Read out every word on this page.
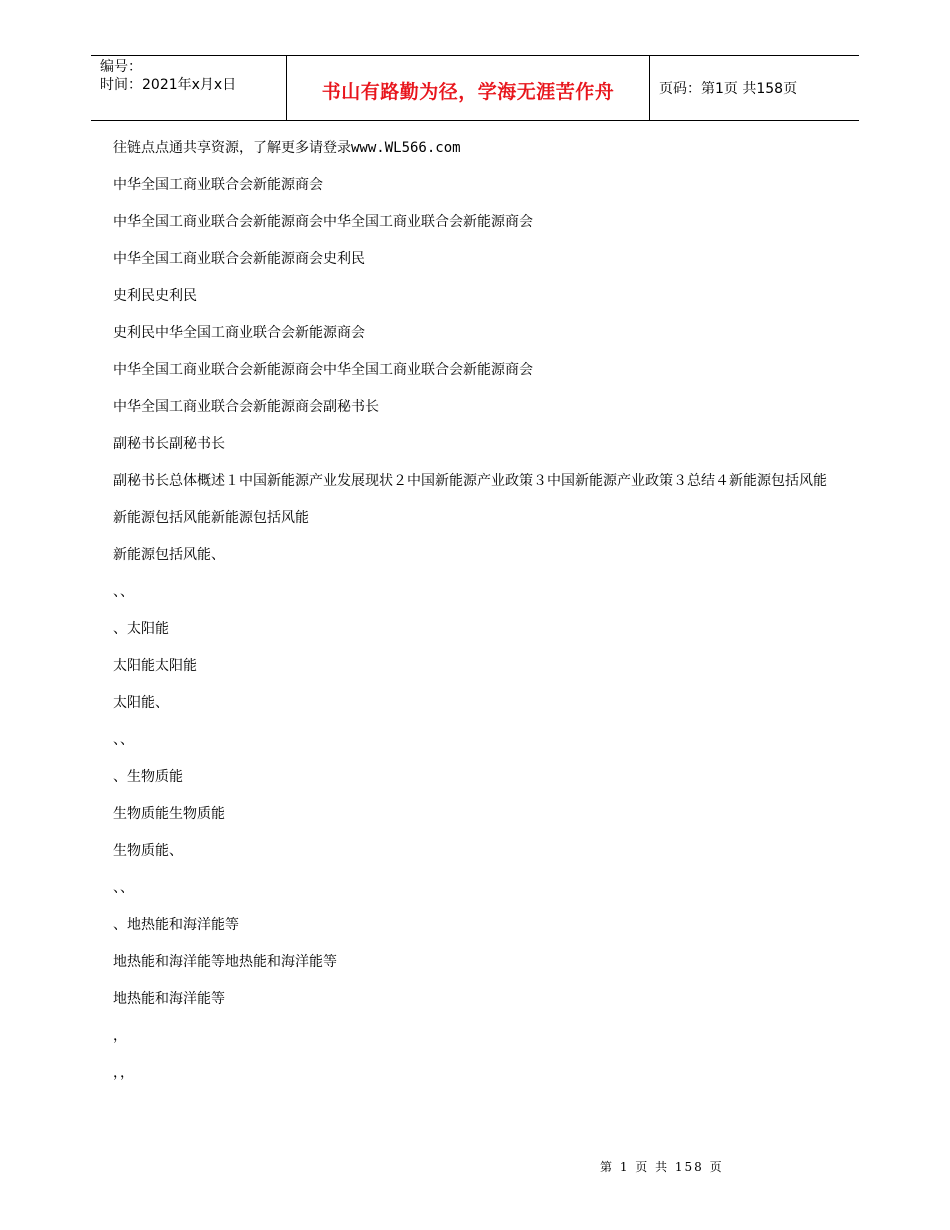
编号：
时间：2021年x月x日	书山有路勤为径，学海无涯苦作舟	页码：第1页 共158页

往链点点通共享资源，了解更多请登录www.WL566.com

中华全国工商业联合会新能源商会

中华全国工商业联合会新能源商会中华全国工商业联合会新能源商会

中华全国工商业联合会新能源商会史利民

史利民史利民

史利民中华全国工商业联合会新能源商会

中华全国工商业联合会新能源商会中华全国工商业联合会新能源商会

中华全国工商业联合会新能源商会副秘书长

副秘书长副秘书长

副秘书长总体概述１中国新能源产业发展现状２中国新能源产业政策３中国新能源产业政策３总结４新能源包括风能

新能源包括风能新能源包括风能

新能源包括风能、

、、

、太阳能

太阳能太阳能

太阳能、

、、

、生物质能

生物质能生物质能

生物质能、

、、

、地热能和海洋能等

地热能和海洋能等地热能和海洋能等

地热能和海洋能等

，

，，

第 1 页 共 158 页
